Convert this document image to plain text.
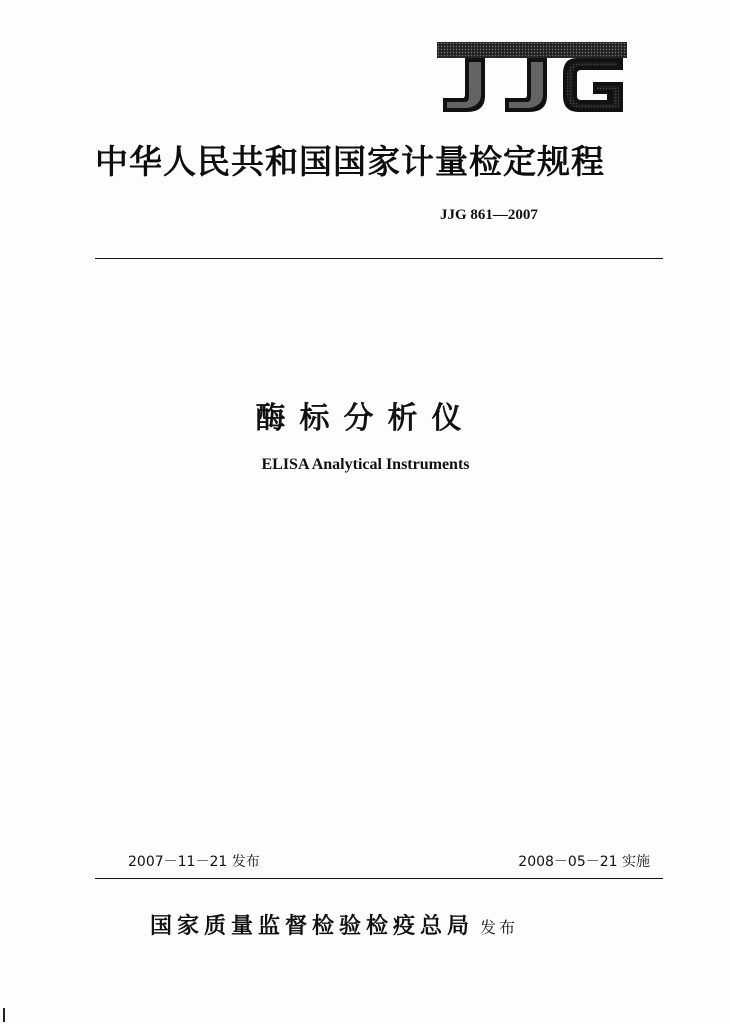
中华人民共和国国家计量检定规程
JJG 861—2007
酶标分析仪
ELISA Analytical Instruments
2007－11－21 发布	2008－05－21 实施
国家质量监督检验检疫总局 发布
